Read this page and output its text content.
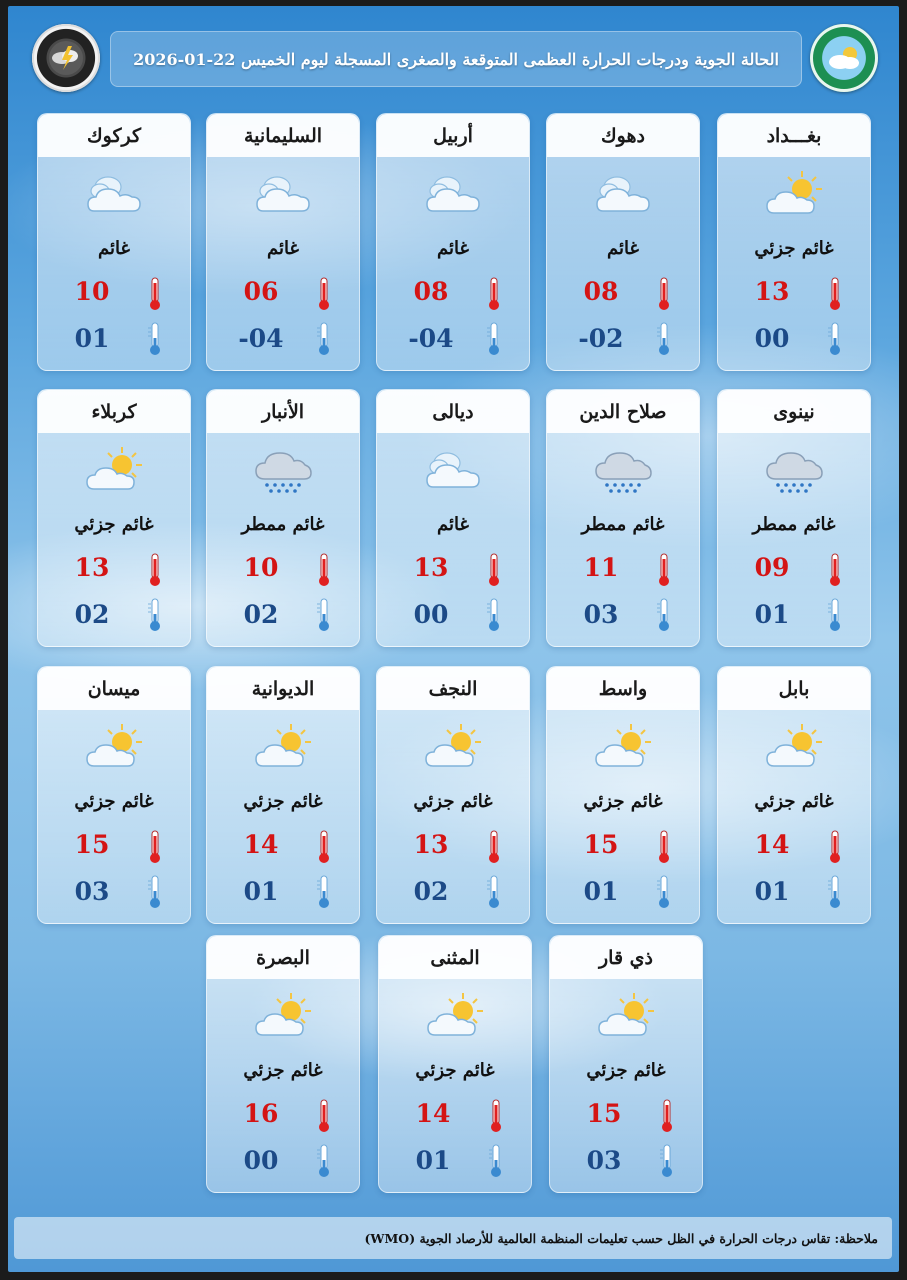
الحالة الجوية ودرجات الحرارة العظمى المتوقعة والصغرى المسجلة ليوم الخميس 22-01-2026
بغـــداد
غائم جزئي
13
00
دهوك
غائم
08
-02
أربيل
غائم
08
-04
السليمانية
غائم
06
-04
كركوك
غائم
10
01
نينوى
غائم ممطر
09
01
صلاح الدين
غائم ممطر
11
03
ديالى
غائم
13
00
الأنبار
غائم ممطر
10
02
كربلاء
غائم جزئي
13
02
بابل
غائم جزئي
14
01
واسط
غائم جزئي
15
01
النجف
غائم جزئي
13
02
الديوانية
غائم جزئي
14
01
ميسان
غائم جزئي
15
03
ذي قار
غائم جزئي
15
03
المثنى
غائم جزئي
14
01
البصرة
غائم جزئي
16
00
ملاحظة: تقاس درجات الحرارة في الظل حسب تعليمات المنظمة العالمية للأرصاد الجوية (WMO)
